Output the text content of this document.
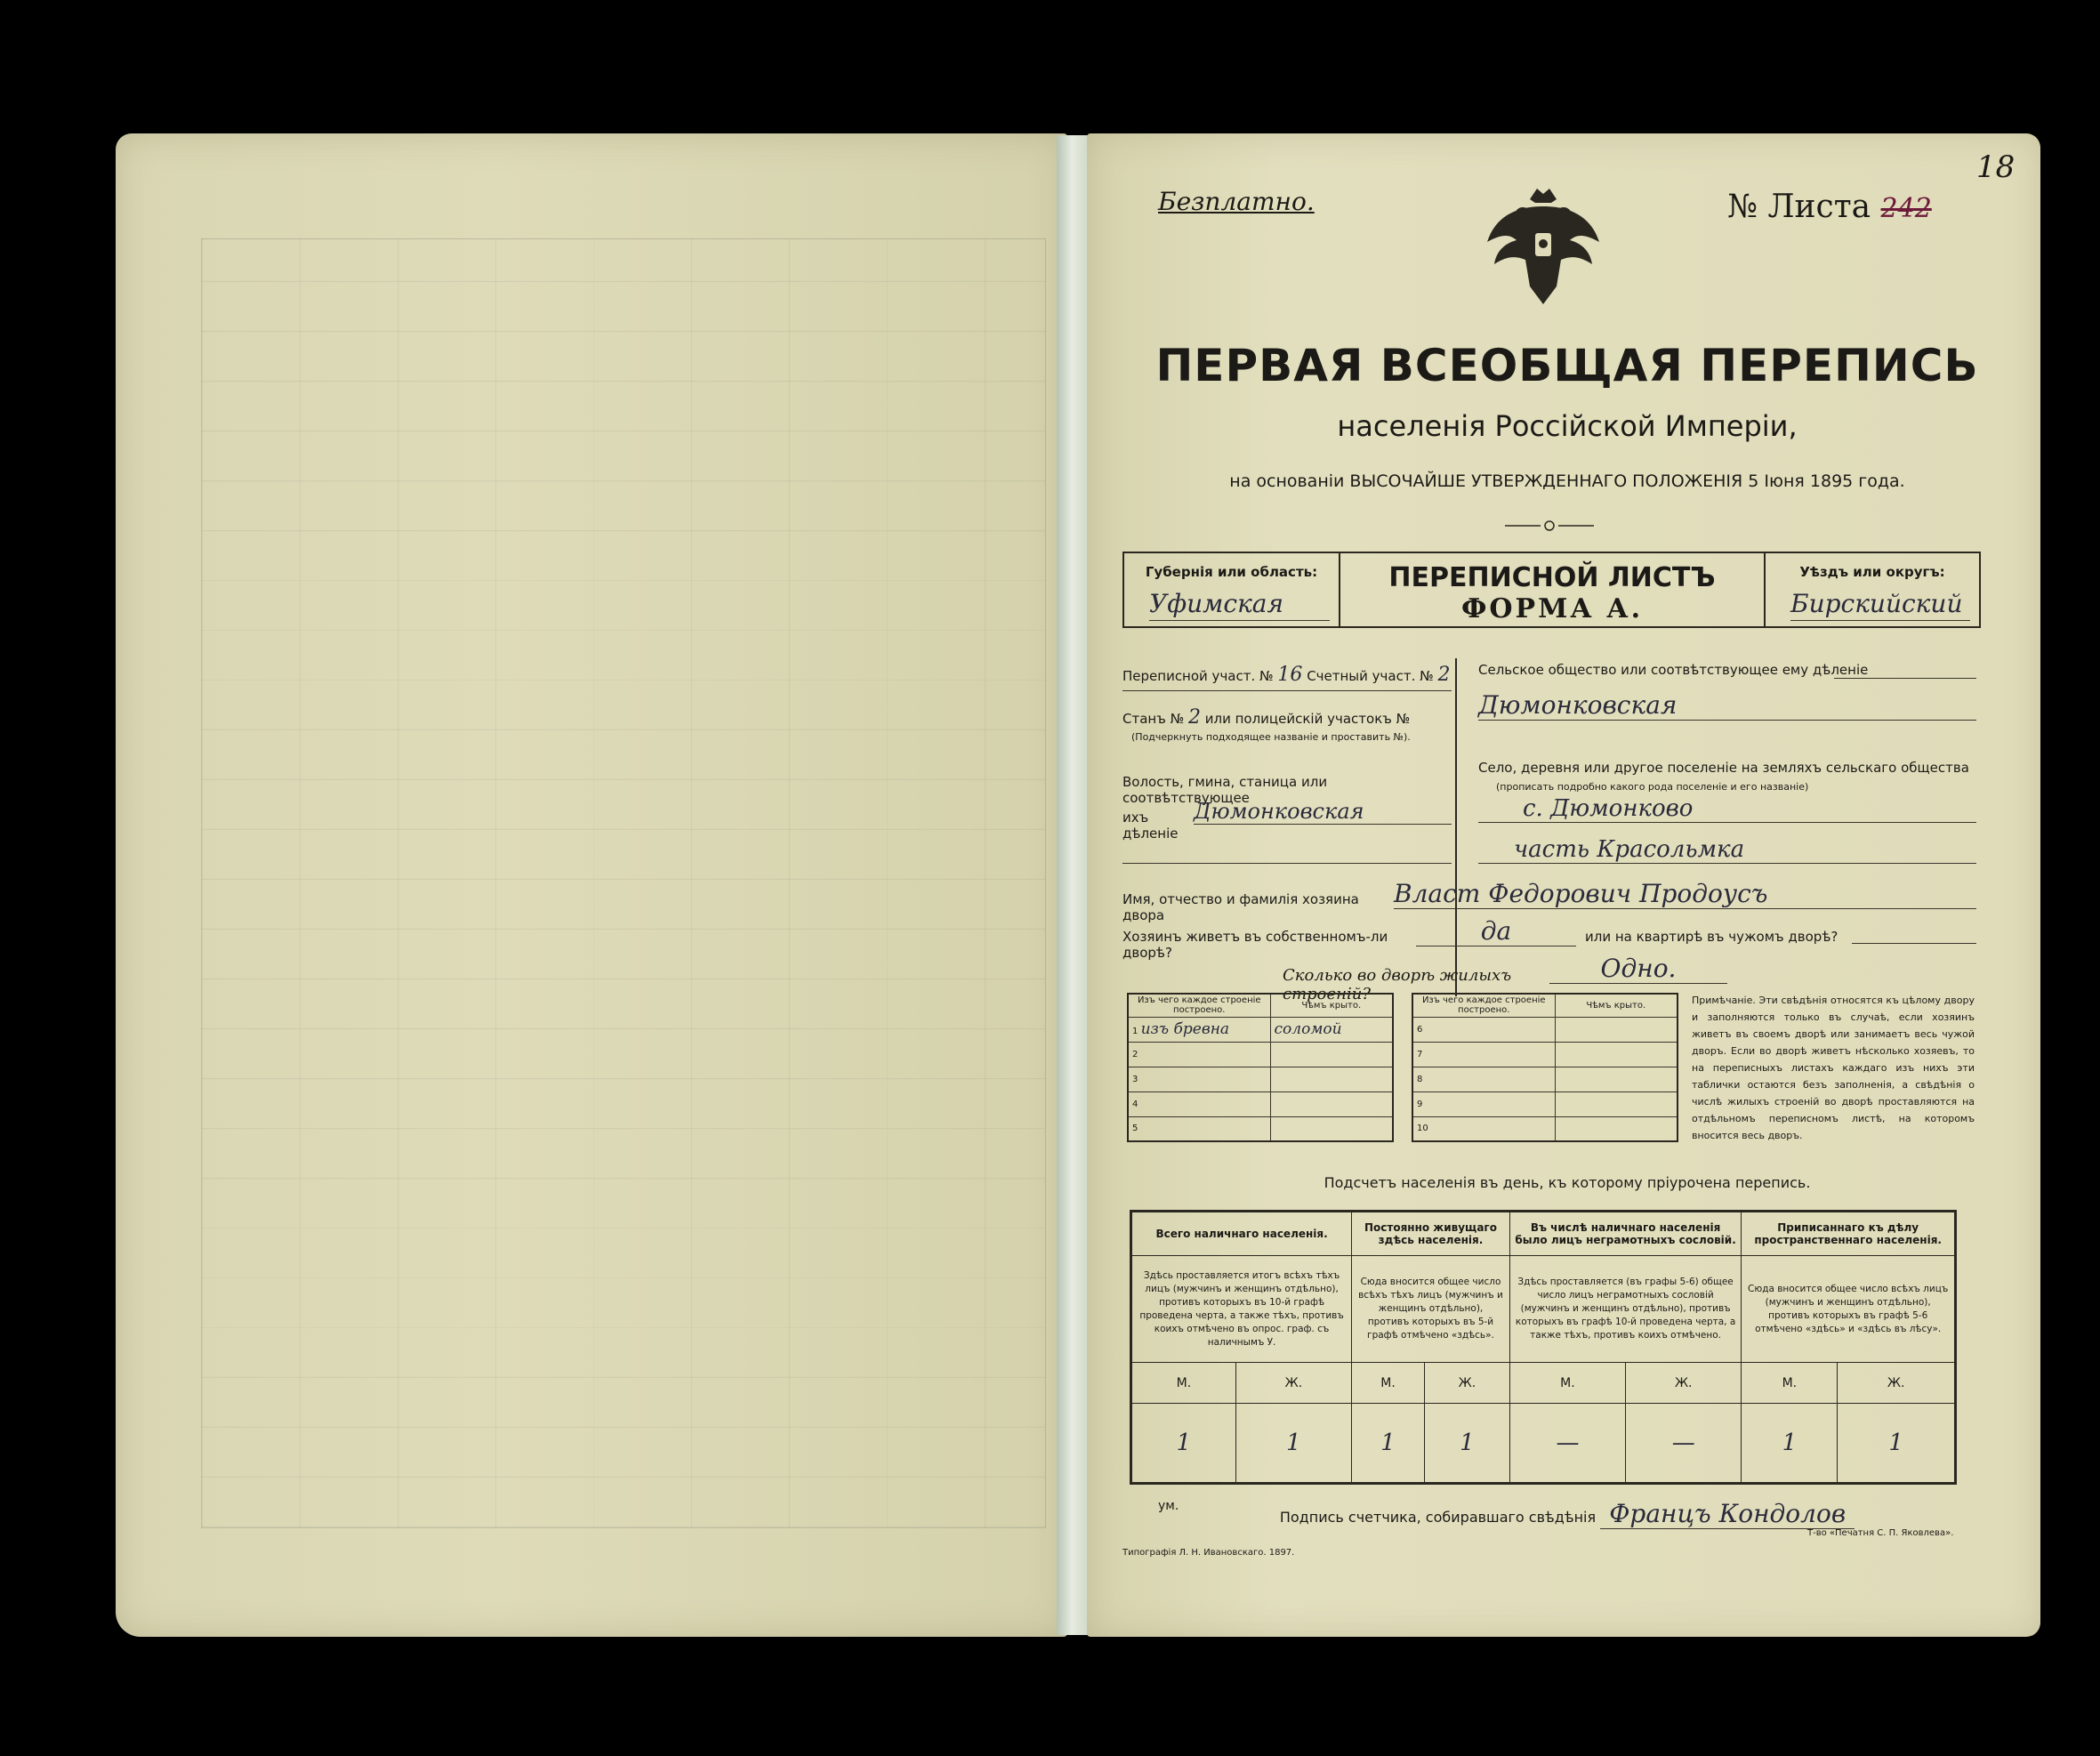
Безплатно.	№ Листа 242
18
ПЕРВАЯ ВСЕОБЩАЯ ПЕРЕПИСЬ
населенія Россійской Имперіи,
на основаніи ВЫСОЧАЙШЕ УТВЕРЖДЕННАГО ПОЛОЖЕНІЯ 5 Іюня 1895 года.
Губернія или область:
Уфимская
ПЕРЕПИСНОЙ ЛИСТЪ
ФОРМА А.
Уѣздъ или округъ:
Бирскийский
Переписной участ. № 16 Счетный участ. № 2
Станъ № 2 или полицейскій участокъ №
(Подчеркнуть подходящее названіе и проставить №).
Волость, гмина, станица или соотвѣтствующее
ихъ дѣленіе
Дюмонковская
Сельское общество или соотвѣтствующее ему дѣленіе
Дюмонковская
Село, деревня или другое поселеніе на земляхъ сельскаго общества
(прописать подробно какого рода поселеніе и его названіе)
с. Дюмонково
часть Красольмка
Имя, отчество и фамилія хозяина двора
Власт Федорович Продоусъ
Хозяинъ живетъ въ собственномъ-ли дворѣ?
да	или на квартирѣ въ чужомъ дворѣ?
Сколько во дворѣ жилыхъ строеній?
Одно.
Изъ чего каждое строеніе построено.	Чѣмъ крыто.
1 изъ бревна	соломой
2	
3	
4	
5	
Изъ чего каждое строеніе построено.	Чѣмъ крыто.
6	
7	
8	
9	
10	
Примѣчаніе. Эти свѣдѣнія относятся къ цѣлому двору и заполняются только въ случаѣ, если хозяинъ живетъ въ своемъ дворѣ или занимаетъ весь чужой дворъ. Если во дворѣ живетъ нѣсколько хозяевъ, то на переписныхъ листахъ каждаго изъ нихъ эти таблички остаются безъ заполненія, а свѣдѣнія о числѣ жилыхъ строеній во дворѣ проставляются на отдѣльномъ переписномъ листѣ, на которомъ вносится весь дворъ.
Подсчетъ населенія въ день, къ которому пріурочена перепись.
Всего наличнаго населенія.		Постоянно живущаго здѣсь населенія.		Въ числѣ наличнаго населенія было лицъ неграмотныхъ сословій.		Приписаннаго къ дѣлу пространственнаго населенія.	
Здѣсь проставляется итогъ всѣхъ тѣхъ лицъ (мужчинъ и женщинъ отдѣльно), противъ которыхъ въ 10-й графѣ проведена черта, а также тѣхъ, противъ коихъ отмѣчено въ опрос. граф. съ наличнымъ У.		Сюда вносится общее число всѣхъ тѣхъ лицъ (мужчинъ и женщинъ отдѣльно), противъ которыхъ въ 5-й графѣ отмѣчено «здѣсь».		Здѣсь проставляется (въ графы 5-6) общее число лицъ неграмотныхъ сословій (мужчинъ и женщинъ отдѣльно), противъ которыхъ въ графѣ 10-й проведена черта, а также тѣхъ, противъ коихъ отмѣчено.		Сюда вносится общее число всѣхъ лицъ (мужчинъ и женщинъ отдѣльно), противъ которыхъ въ графѣ 5-6 отмѣчено «здѣсь» и «здѣсь въ лѣсу».	
М.	Ж.	М.	Ж.	М.	Ж.	М.	Ж.
1	1	1	1	—	—	1	1
ум.
Подпись счетчика, собиравшаго свѣдѣнія Францъ Кондолов
Типографія Л. Н. Ивановскаго. 1897.
Т-во «Печатня С. П. Яковлева».
